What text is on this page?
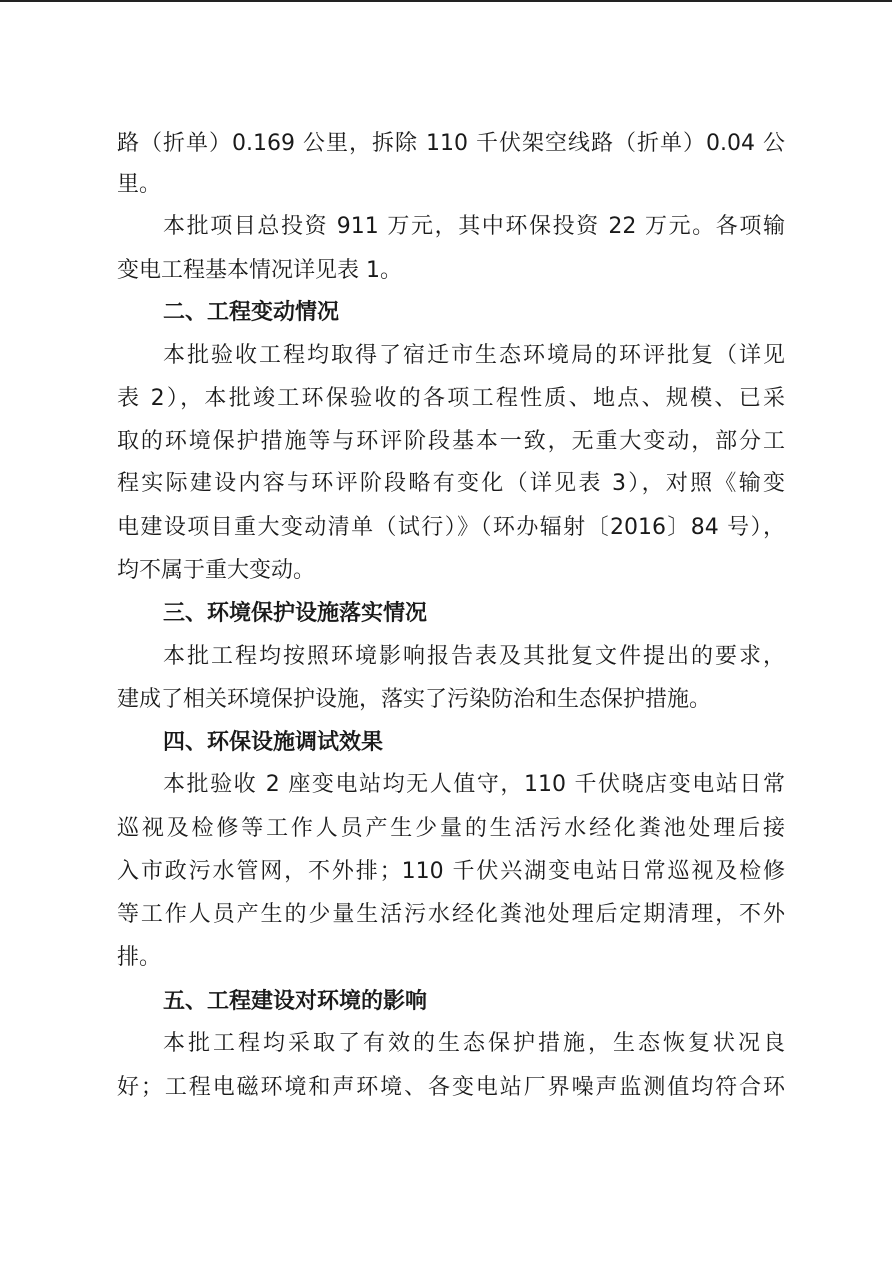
路（折单）0.169 公里，拆除 110 千伏架空线路（折单）0.04 公
里。
本批项目总投资 911 万元，其中环保投资 22 万元。各项输
变电工程基本情况详见表 1。
二、工程变动情况
本批验收工程均取得了宿迁市生态环境局的环评批复（详见
表 2），本批竣工环保验收的各项工程性质、地点、规模、已采
取的环境保护措施等与环评阶段基本一致，无重大变动，部分工
程实际建设内容与环评阶段略有变化（详见表 3），对照《输变
电建设项目重大变动清单（试行）》（环办辐射〔2016〕84 号），
均不属于重大变动。
三、环境保护设施落实情况
本批工程均按照环境影响报告表及其批复文件提出的要求，
建成了相关环境保护设施，落实了污染防治和生态保护措施。
四、环保设施调试效果
本批验收 2 座变电站均无人值守，110 千伏晓店变电站日常
巡视及检修等工作人员产生少量的生活污水经化粪池处理后接
入市政污水管网，不外排；110 千伏兴湖变电站日常巡视及检修
等工作人员产生的少量生活污水经化粪池处理后定期清理，不外
排。
五、工程建设对环境的影响
本批工程均采取了有效的生态保护措施，生态恢复状况良
好；工程电磁环境和声环境、各变电站厂界噪声监测值均符合环
